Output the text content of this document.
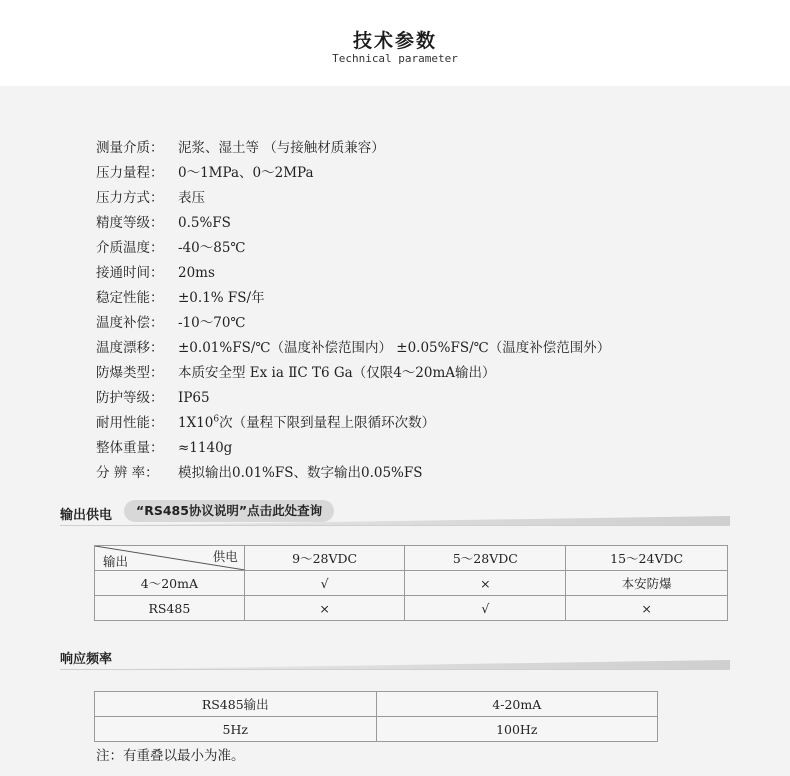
技术参数
Technical parameter
测量介质： 泥浆、湿土等 （与接触材质兼容）
压力量程： 0～1MPa、0～2MPa
压力方式： 表压
精度等级： 0.5%FS
介质温度： -40～85℃
接通时间： 20ms
稳定性能： ±0.1% FS/年
温度补偿： -10～70℃
温度漂移： ±0.01%FS/℃（温度补偿范围内） ±0.05%FS/℃（温度补偿范围外）
防爆类型： 本质安全型 Ex ia ⅡC T6 Ga（仅限4～20mA输出）
防护等级： IP65
耐用性能： $1X10^6$次（量程下限到量程上限循环次数）
整体重量： ≈1140g
分 辨 率： 模拟输出0.01%FS、数字输出0.05%FS
输出供电	“RS485协议说明”点击此处查询
供电
输出	9～28VDC	5～28VDC	15～24VDC
4～20mA	√	×	本安防爆
RS485	×	√	×
响应频率
RS485输出	4-20mA
5Hz	100Hz
注：有重叠以最小为准。
